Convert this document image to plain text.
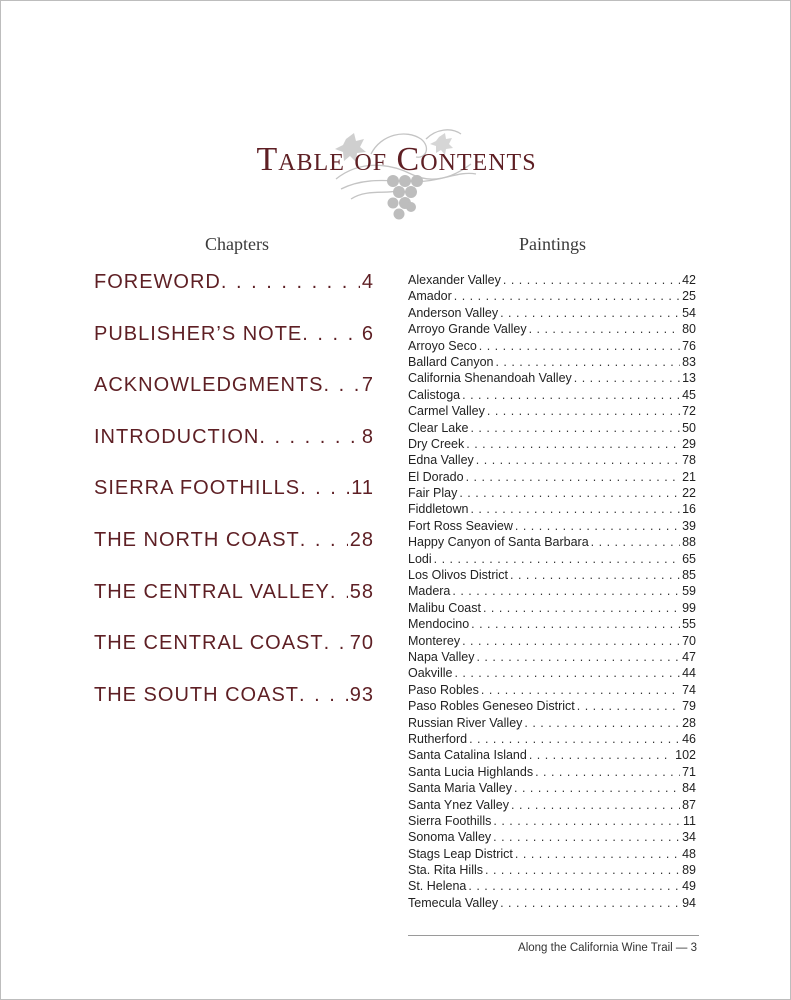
Table of Contents
Chapters	Paintings
FOREWORD . . .	4
PUBLISHER’S NOTE . . .	6
ACKNOWLEDGMENTS . . . 7
INTRODUCTION . . .	8
SIERRA FOOTHILLS . . .	11
THE NORTH COAST . . . 28
THE CENTRAL VALLEY . . . 58
THE CENTRAL COAST . . . 70
THE SOUTH COAST . . .	93
Alexander Valley . . .	42
Amador . . .	25
Anderson Valley . . .	54
Arroyo Grande Valley . . .	80
Arroyo Seco . . .	76
Ballard Canyon . . .	83
California Shenandoah Valley . . .	13
Calistoga . . .	45
Carmel Valley . . .	72
Clear Lake . . .	50
Dry Creek . . .	29
Edna Valley . . .	78
El Dorado . . .	21
Fair Play . . .	22
Fiddletown . . .	16
Fort Ross Seaview . . .	39
Happy Canyon of Santa Barbara . . .	88
Lodi . . .	65
Los Olivos District . . .	85
Madera . . .	59
Malibu Coast . . .	99
Mendocino . . .	55
Monterey . . .	70
Napa Valley . . .	47
Oakville . . .	44
Paso Robles . . .	74
Paso Robles Geneseo District . . .	79
Russian River Valley . . .	28
Rutherford . . .	46
Santa Catalina Island . . .	102
Santa Lucia Highlands . . .	71
Santa Maria Valley . . .	84
Santa Ynez Valley . . .	87
Sierra Foothills . . .	11
Sonoma Valley . . .	34
Stags Leap District . . .	48
Sta. Rita Hills . . .	89
St. Helena . . .	49
Temecula Valley . . .	94
Along the California Wine Trail — 3
